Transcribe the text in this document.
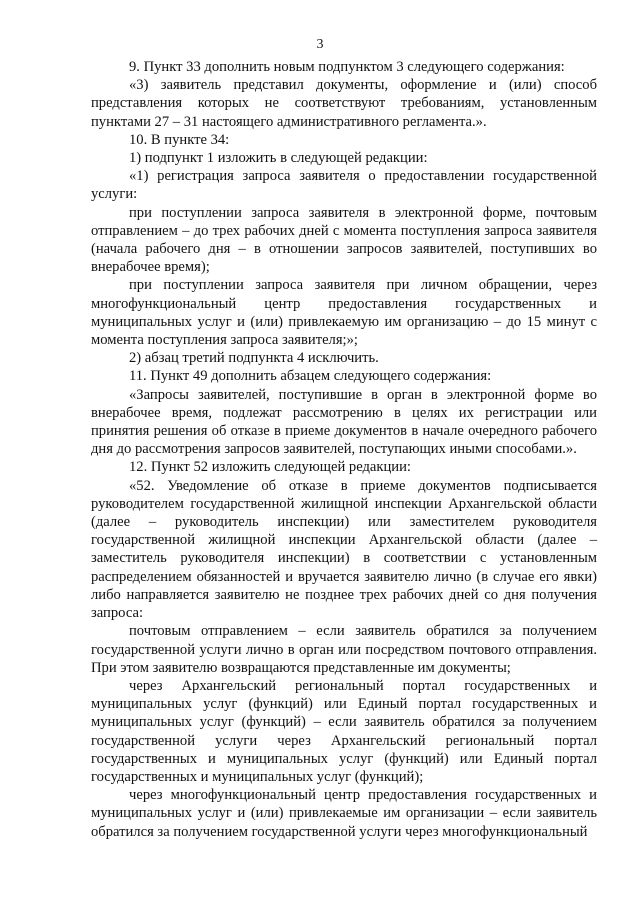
3

9. Пункт 33 дополнить новым подпунктом 3 следующего содержания:

«3) заявитель представил документы, оформление и (или) способ представления которых не соответствуют требованиям, установленным пунктами 27 – 31 настоящего административного регламента.».

10. В пункте 34:

1) подпункт 1 изложить в следующей редакции:

«1) регистрация запроса заявителя о предоставлении государственной услуги:

при поступлении запроса заявителя в электронной форме, почтовым отправлением – до трех рабочих дней с момента поступления запроса заявителя (начала рабочего дня – в отношении запросов заявителей, поступивших во внерабочее время);

при поступлении запроса заявителя при личном обращении, через многофункциональный центр предоставления государственных и муниципальных услуг и (или) привлекаемую им организацию – до 15 минут с момента поступления запроса заявителя;»;

2) абзац третий подпункта 4 исключить.

11. Пункт 49 дополнить абзацем следующего содержания:

«Запросы заявителей, поступившие в орган в электронной форме во внерабочее время, подлежат рассмотрению в целях их регистрации или принятия решения об отказе в приеме документов в начале очередного рабочего дня до рассмотрения запросов заявителей, поступающих иными способами.».

12. Пункт 52 изложить следующей редакции:

«52. Уведомление об отказе в приеме документов подписывается руководителем государственной жилищной инспекции Архангельской области (далее – руководитель инспекции) или заместителем руководителя государственной жилищной инспекции Архангельской области (далее – заместитель руководителя инспекции) в соответствии с установленным распределением обязанностей и вручается заявителю лично (в случае его явки) либо направляется заявителю не позднее трех рабочих дней со дня получения запроса:

почтовым отправлением – если заявитель обратился за получением государственной услуги лично в орган или посредством почтового отправления. При этом заявителю возвращаются представленные им документы;

через Архангельский региональный портал государственных и муниципальных услуг (функций) или Единый портал государственных и муниципальных услуг (функций) – если заявитель обратился за получением государственной услуги через Архангельский региональный портал государственных и муниципальных услуг (функций) или Единый портал государственных и муниципальных услуг (функций);

через многофункциональный центр предоставления государственных и муниципальных услуг и (или) привлекаемые им организации – если заявитель обратился за получением государственной услуги через многофункциональный
